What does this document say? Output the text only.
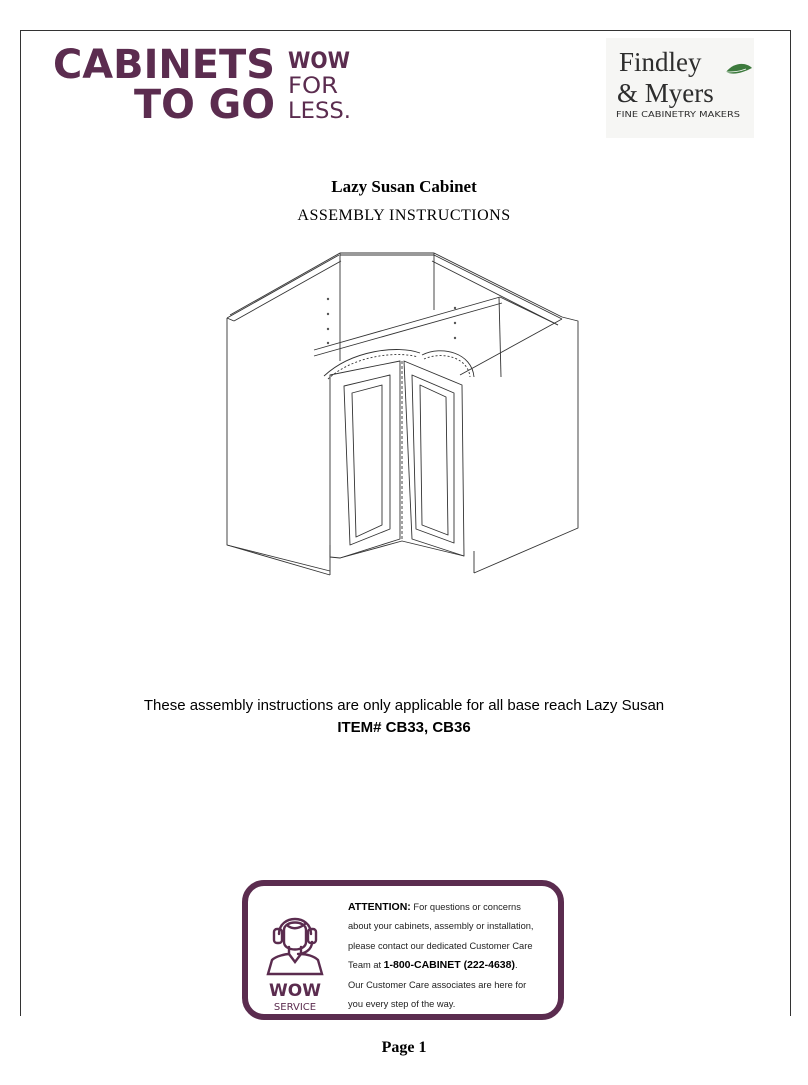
CABINETS
TO GO
WOW
FOR
LESS.
Findley
& Myers
FINE CABINETRY MAKERS
Lazy Susan Cabinet
ASSEMBLY INSTRUCTIONS
These assembly instructions are only applicable for all base reach Lazy Susan
ITEM# CB33, CB36
WOW
SERVICE
ATTENTION: For questions or concerns
about your cabinets, assembly or installation,
please contact our dedicated Customer Care
Team at 1-800-CABINET (222-4638).
Our Customer Care associates are here for
you every step of the way.
Page 1
